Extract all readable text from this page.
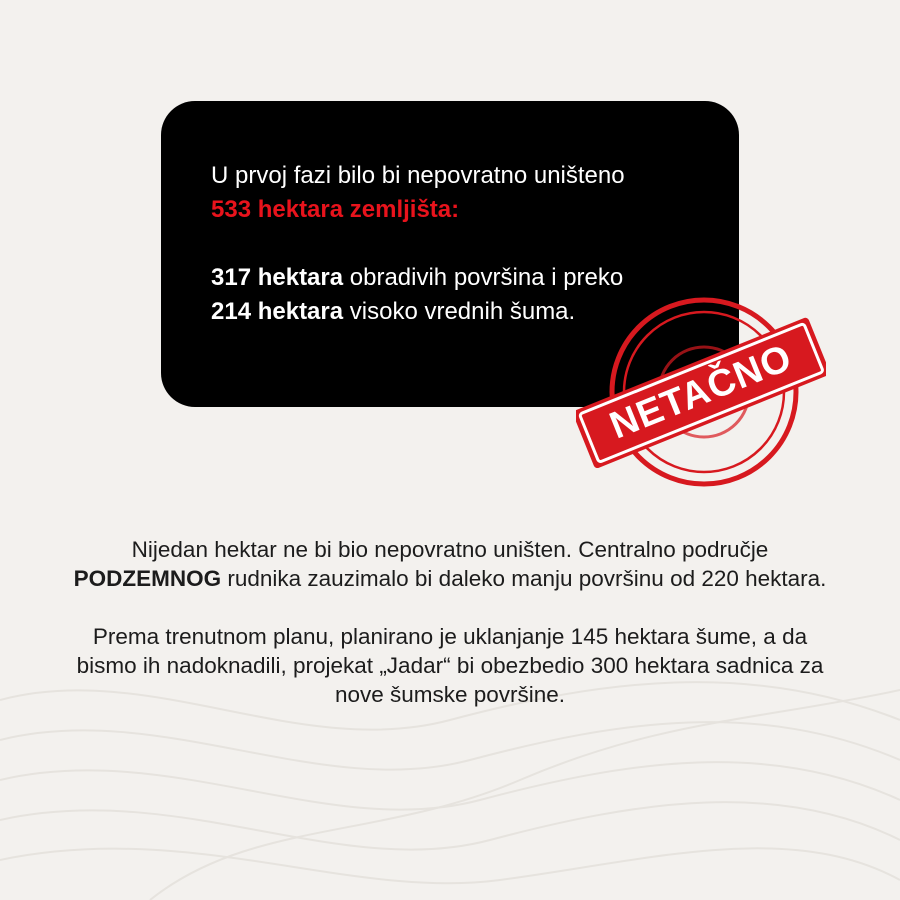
U prvoj fazi bilo bi nepovratno uništeno
533 hektara zemljišta:
317 hektara obradivih površina i preko
214 hektara visoko vrednih šuma.
NETAČNO

Nijedan hektar ne bi bio nepovratno uništen. Centralno područje PODZEMNOG rudnika zauzimalo bi daleko manju površinu od 220 hektara.

Prema trenutnom planu, planirano je uklanjanje 145 hektara šume, a da bismo ih nadoknadili, projekat „Jadar“ bi obezbedio 300 hektara sadnica za nove šumske površine.
